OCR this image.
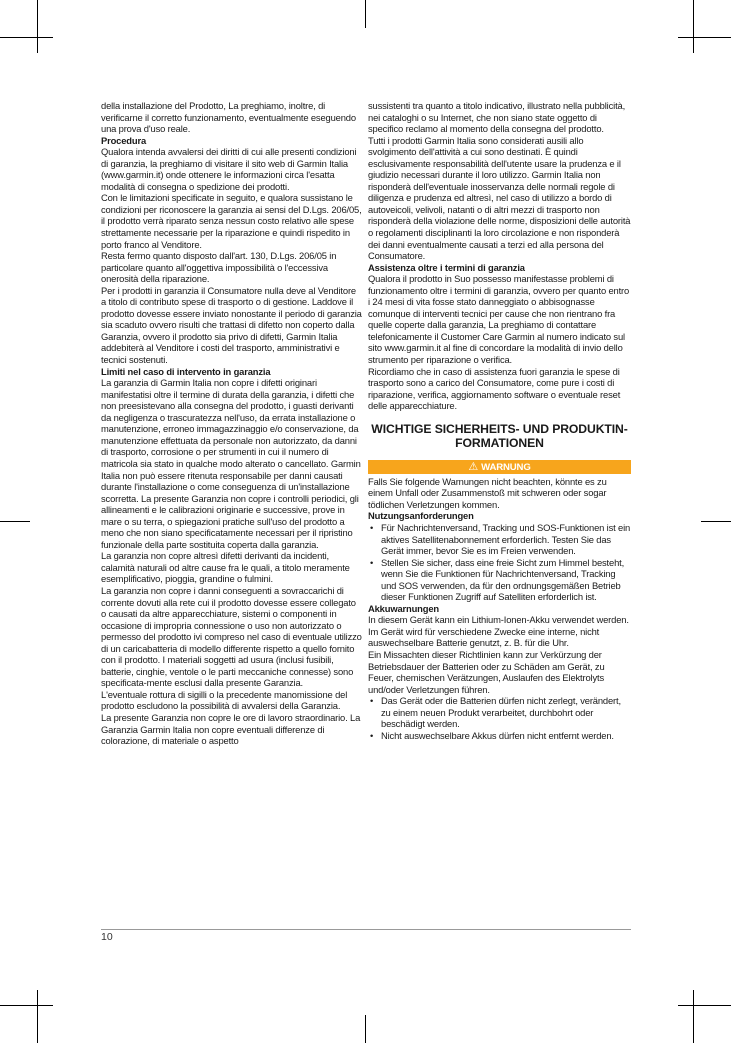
della installazione del Prodotto, La preghiamo, inoltre, di verificarne il corretto funzionamento, eventualmente eseguendo una prova d'uso reale.

Procedura

Qualora intenda avvalersi dei diritti di cui alle presenti condizioni di garanzia, la preghiamo di visitare il sito web di Garmin Italia (www.garmin.it) onde ottenere le informazioni circa l'esatta modalità di consegna o spedizione dei prodotti.

Con le limitazioni specificate in seguito, e qualora sussistano le condizioni per riconoscere la garanzia ai sensi del D.Lgs. 206/05, il prodotto verrà riparato senza nessun costo relativo alle spese strettamente necessarie per la riparazione e quindi rispedito in porto franco al Venditore.

Resta fermo quanto disposto dall'art. 130, D.Lgs. 206/05 in particolare quanto all'oggettiva impossibilità o l'eccessiva onerosità della riparazione.

Per i prodotti in garanzia il Consumatore nulla deve al Venditore a titolo di contributo spese di trasporto o di gestione. Laddove il prodotto dovesse essere inviato nonostante il periodo di garanzia sia scaduto ovvero risulti che trattasi di difetto non coperto dalla Garanzia, ovvero il prodotto sia privo di difetti, Garmin Italia addebiterà al Venditore i costi del trasporto, amministrativi e tecnici sostenuti.

Limiti nel caso di intervento in garanzia

La garanzia di Garmin Italia non copre i difetti originari manifestatisi oltre il termine di durata della garanzia, i difetti che non preesistevano alla consegna del prodotto, i guasti derivanti da negligenza o trascuratezza nell'uso, da errata installazione o manutenzione, erroneo immagazzinaggio e/o conservazione, da manutenzione effettuata da personale non autorizzato, da danni di trasporto, corrosione o per strumenti in cui il numero di matricola sia stato in qualche modo alterato o cancellato. Garmin Italia non può essere ritenuta responsabile per danni causati durante l'installazione o come conseguenza di un'installazione scorretta. La presente Garanzia non copre i controlli periodici, gli allineamenti e le calibrazioni originarie e successive, prove in mare o su terra, o spiegazioni pratiche sull'uso del prodotto a meno che non siano specificatamente necessari per il ripristino funzionale della parte sostituita coperta dalla garanzia.

La garanzia non copre altresì difetti derivanti da incidenti, calamità naturali od altre cause fra le quali, a titolo meramente esemplificativo, pioggia, grandine o fulmini.

La garanzia non copre i danni conseguenti a sovraccarichi di corrente dovuti alla rete cui il prodotto dovesse essere collegato o causati da altre apparecchiature, sistemi o componenti in occasione di impropria connessione o uso non autorizzato o permesso del prodotto ivi compreso nel caso di eventuale utilizzo di un caricabatteria di modello differente rispetto a quello fornito con il prodotto. I materiali soggetti ad usura (inclusi fusibili, batterie, cinghie, ventole o le parti meccaniche connesse) sono specificata-mente esclusi dalla presente Garanzia.

L'eventuale rottura di sigilli o la precedente manomissione del prodotto escludono la possibilità di avvalersi della Garanzia.

La presente Garanzia non copre le ore di lavoro straordinario. La Garanzia Garmin Italia non copre eventuali differenze di colorazione, di materiale o aspetto

sussistenti tra quanto a titolo indicativo, illustrato nella pubblicità, nei cataloghi o su Internet, che non siano state oggetto di specifico reclamo al momento della consegna del prodotto.

Tutti i prodotti Garmin Italia sono considerati ausili allo svolgimento dell'attività a cui sono destinati. È quindi esclusivamente responsabilità dell'utente usare la prudenza e il giudizio necessari durante il loro utilizzo. Garmin Italia non risponderà dell'eventuale inosservanza delle normali regole di diligenza e prudenza ed altresì, nel caso di utilizzo a bordo di autoveicoli, velivoli, natanti o di altri mezzi di trasporto non risponderà della violazione delle norme, disposizioni delle autorità o regolamenti disciplinanti la loro circolazione e non risponderà dei danni eventualmente causati a terzi ed alla persona del Consumatore.

Assistenza oltre i termini di garanzia

Qualora il prodotto in Suo possesso manifestasse problemi di funzionamento oltre i termini di garanzia, ovvero per quanto entro i 24 mesi di vita fosse stato danneggiato o abbisognasse comunque di interventi tecnici per cause che non rientrano fra quelle coperte dalla garanzia, La preghiamo di contattare telefonicamente il Customer Care Garmin al numero indicato sul sito www.garmin.it al fine di concordare la modalità di invio dello strumento per riparazione o verifica.

Ricordiamo che in caso di assistenza fuori garanzia le spese di trasporto sono a carico del Consumatore, come pure i costi di riparazione, verifica, aggiornamento software o eventuale reset delle apparecchiature.

WICHTIGE SICHERHEITS- UND PRODUKTIN-FORMATIONEN
⚠ WARNUNG

Falls Sie folgende Warnungen nicht beachten, könnte es zu einem Unfall oder Zusammenstoß mit schweren oder sogar tödlichen Verletzungen kommen.

Nutzungsanforderungen
• Für Nachrichtenversand, Tracking und SOS-Funktionen ist ein aktives Satellitenabonnement erforderlich. Testen Sie das Gerät immer, bevor Sie es im Freien verwenden.
• Stellen Sie sicher, dass eine freie Sicht zum Himmel besteht, wenn Sie die Funktionen für Nachrichtenversand, Tracking und SOS verwenden, da für den ordnungsgemäßen Betrieb dieser Funktionen Zugriff auf Satelliten erforderlich ist.
Akkuwarnungen

In diesem Gerät kann ein Lithium-Ionen-Akku verwendet werden. Im Gerät wird für verschiedene Zwecke eine interne, nicht auswechselbare Batterie genutzt, z. B. für die Uhr.

Ein Missachten dieser Richtlinien kann zur Verkürzung der Betriebsdauer der Batterien oder zu Schäden am Gerät, zu Feuer, chemischen Verätzungen, Auslaufen des Elektrolyts und/oder Verletzungen führen.

• Das Gerät oder die Batterien dürfen nicht zerlegt, verändert, zu einem neuen Produkt verarbeitet, durchbohrt oder beschädigt werden.
• Nicht auswechselbare Akkus dürfen nicht entfernt werden.
10
